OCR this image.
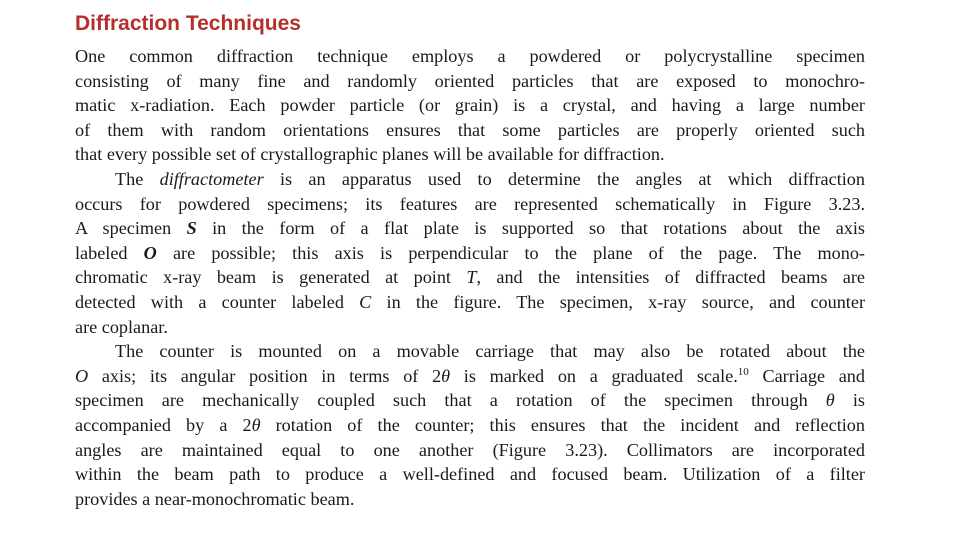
Diffraction Techniques
One common diffraction technique employs a powdered or polycrystalline specimen
consisting of many fine and randomly oriented particles that are exposed to monochro-
matic x-radiation. Each powder particle (or grain) is a crystal, and having a large number
of them with random orientations ensures that some particles are properly oriented such
that every possible set of crystallographic planes will be available for diffraction.
The diffractometer is an apparatus used to determine the angles at which diffraction
occurs for powdered specimens; its features are represented schematically in Figure 3.23.
A specimen S in the form of a flat plate is supported so that rotations about the axis
labeled O are possible; this axis is perpendicular to the plane of the page. The mono-
chromatic x-ray beam is generated at point T, and the intensities of diffracted beams are
detected with a counter labeled C in the figure. The specimen, x-ray source, and counter
are coplanar.
The counter is mounted on a movable carriage that may also be rotated about the
O axis; its angular position in terms of 2θ is marked on a graduated scale.$^{10}$ Carriage and
specimen are mechanically coupled such that a rotation of the specimen through θ is
accompanied by a 2θ rotation of the counter; this ensures that the incident and reflection
angles are maintained equal to one another (Figure 3.23). Collimators are incorporated
within the beam path to produce a well-defined and focused beam. Utilization of a filter
provides a near-monochromatic beam.
